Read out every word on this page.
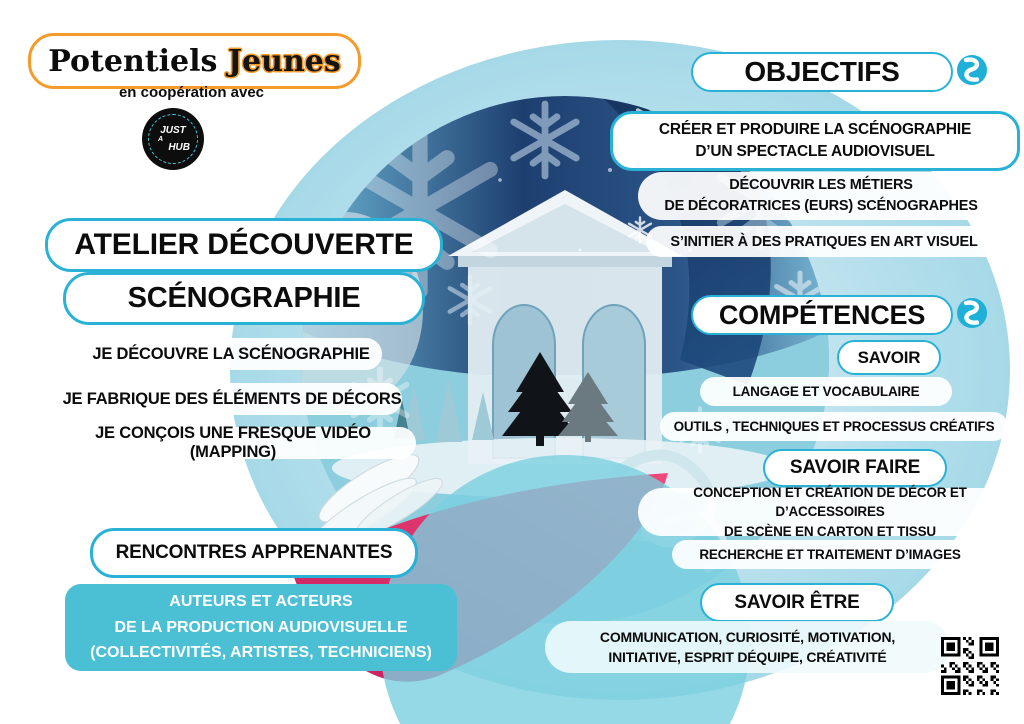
Potentiels
Jeunes
en coopération avec
JUST
A
HUB
ATELIER DÉCOUVERTE
SCÉNOGRAPHIE
JE DÉCOUVRE LA SCÉNOGRAPHIE
JE FABRIQUE DES ÉLÉMENTS DE DÉCORS
JE CONÇOIS UNE FRESQUE VIDÉO (MAPPING)
RENCONTRES APPRENANTES
AUTEURS ET ACTEURS
DE LA PRODUCTION AUDIOVISUELLE
(COLLECTIVITÉS, ARTISTES, TECHNICIENS)
OBJECTIFS
CRÉER ET PRODUIRE LA SCÉNOGRAPHIE
D’UN SPECTACLE AUDIOVISUEL
DÉCOUVRIR LES MÉTIERS
DE DÉCORATRICES (EURS) SCÉNOGRAPHES
S’INITIER À DES PRATIQUES EN ART VISUEL
COMPÉTENCES
SAVOIR
LANGAGE ET VOCABULAIRE
OUTILS , TECHNIQUES ET PROCESSUS CRÉATIFS
SAVOIR FAIRE
CONCEPTION ET CRÉATION DE DÉCOR ET D’ACCESSOIRES
DE SCÈNE EN CARTON ET TISSU
RECHERCHE ET TRAITEMENT D’IMAGES
SAVOIR ÊTRE
COMMUNICATION, CURIOSITÉ, MOTIVATION,
INITIATIVE, ESPRIT DÉQUIPE, CRÉATIVITÉ
